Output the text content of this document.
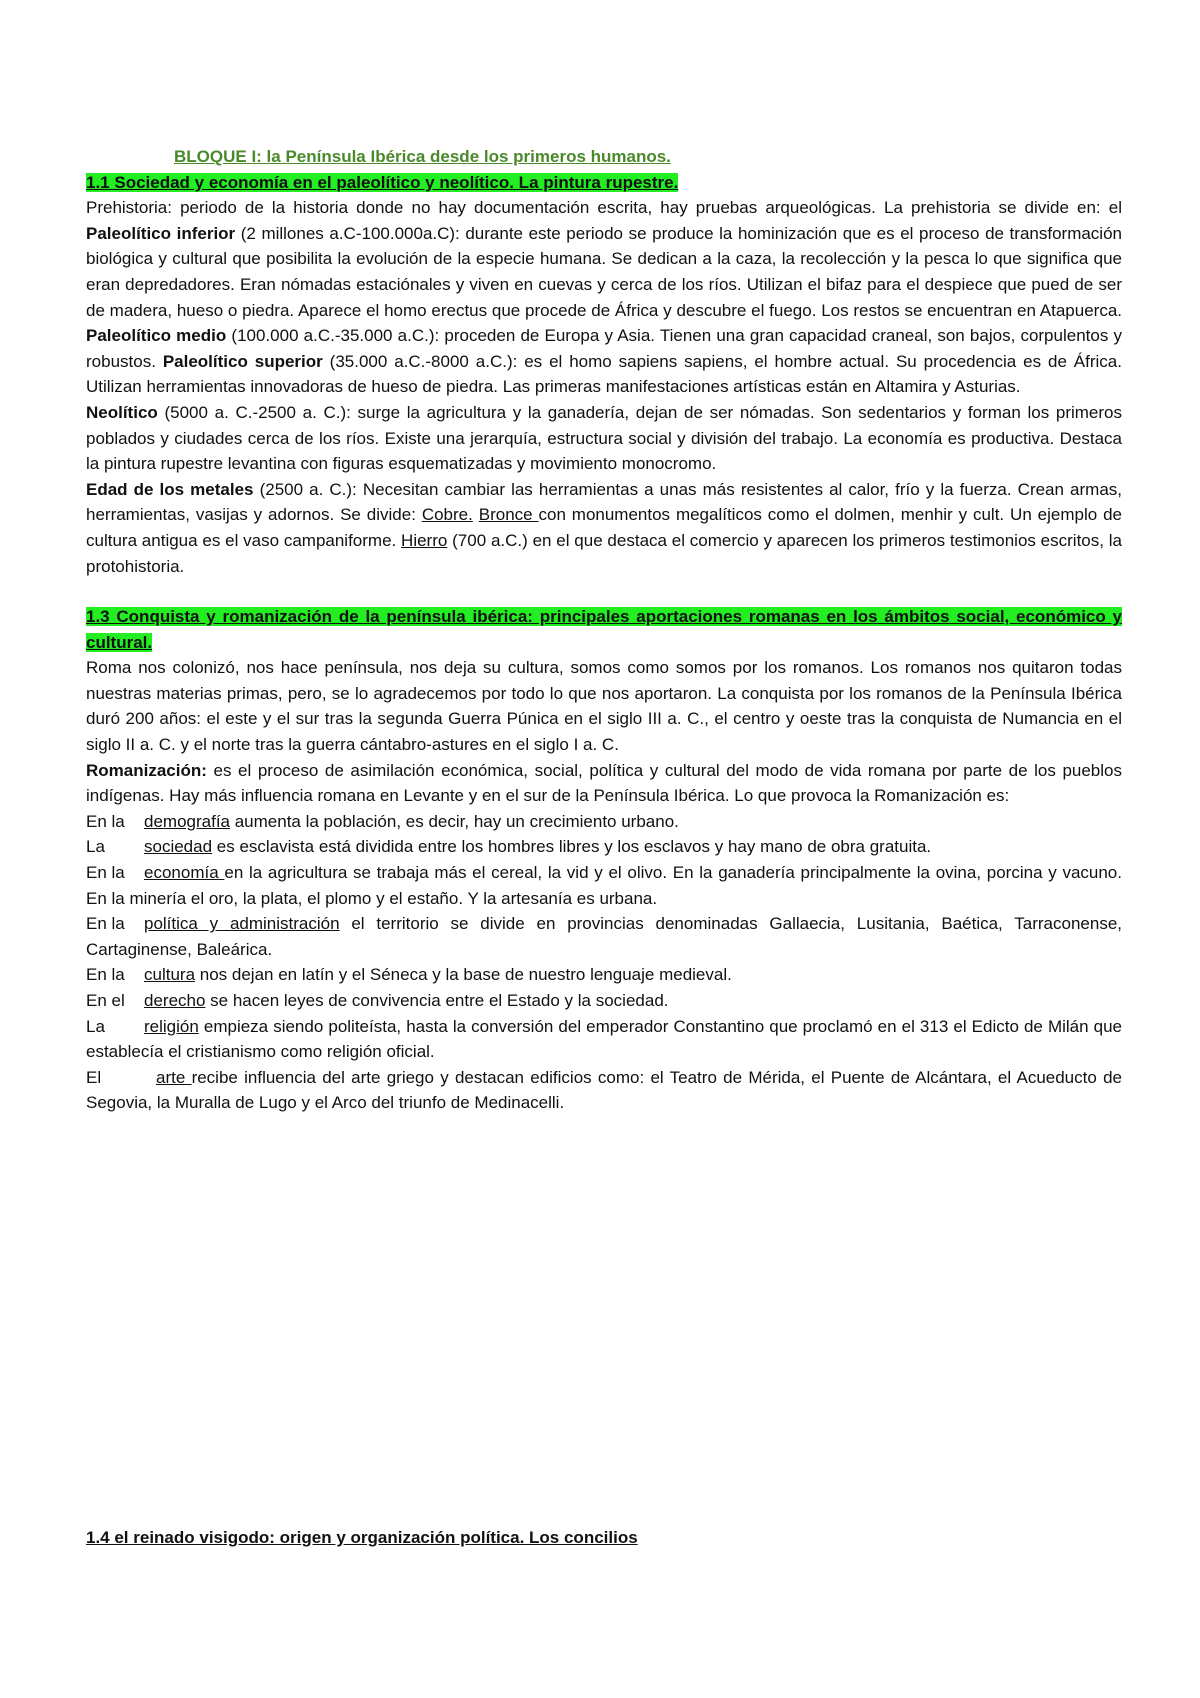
BLOQUE I: la Península Ibérica desde los primeros humanos.

1.1 Sociedad y economía en el paleolítico y neolítico. La pintura rupestre.

Prehistoria: periodo de la historia donde no hay documentación escrita, hay pruebas arqueológicas. La prehistoria se divide en: el Paleolítico inferior (2 millones a.C-100.000a.C): durante este periodo se produce la hominización que es el proceso de transformación biológica y cultural que posibilita la evolución de la especie humana. Se dedican a la caza, la recolección y la pesca lo que significa que eran depredadores. Eran nómadas estaciónales y viven en cuevas y cerca de los ríos. Utilizan el bifaz para el despiece que pued de ser de madera, hueso o piedra. Aparece el homo erectus que procede de África y descubre el fuego. Los restos se encuentran en Atapuerca. Paleolítico medio (100.000 a.C.-35.000 a.C.): proceden de Europa y Asia. Tienen una gran capacidad craneal, son bajos, corpulentos y robustos. Paleolítico superior (35.000 a.C.-8000 a.C.): es el homo sapiens sapiens, el hombre actual. Su procedencia es de África. Utilizan herramientas innovadoras de hueso de piedra. Las primeras manifestaciones artísticas están en Altamira y Asturias.

Neolítico (5000 a. C.-2500 a. C.): surge la agricultura y la ganadería, dejan de ser nómadas. Son sedentarios y forman los primeros poblados y ciudades cerca de los ríos. Existe una jerarquía, estructura social y división del trabajo. La economía es productiva. Destaca la pintura rupestre levantina con figuras esquematizadas y movimiento monocromo.

Edad de los metales (2500 a. C.): Necesitan cambiar las herramientas a unas más resistentes al calor, frío y la fuerza. Crean armas, herramientas, vasijas y adornos. Se divide: Cobre. Bronce con monumentos megalíticos como el dolmen, menhir y cult. Un ejemplo de cultura antigua es el vaso campaniforme. Hierro (700 a.C.) en el que destaca el comercio y aparecen los primeros testimonios escritos, la protohistoria.

1.3 Conquista y romanización de la península ibérica: principales aportaciones romanas en los ámbitos social, económico y cultural.

Roma nos colonizó, nos hace península, nos deja su cultura, somos como somos por los romanos. Los romanos nos quitaron todas nuestras materias primas, pero, se lo agradecemos por todo lo que nos aportaron. La conquista por los romanos de la Península Ibérica duró 200 años: el este y el sur tras la segunda Guerra Púnica en el siglo III a. C., el centro y oeste tras la conquista de Numancia en el siglo II a. C. y el norte tras la guerra cántabro-astures en el siglo I a. C.

Romanización: es el proceso de asimilación económica, social, política y cultural del modo de vida romana por parte de los pueblos indígenas. Hay más influencia romana en Levante y en el sur de la Península Ibérica. Lo que provoca la Romanización es:

En la demografía aumenta la población, es decir, hay un crecimiento urbano.

La sociedad es esclavista está dividida entre los hombres libres y los esclavos y hay mano de obra gratuita.

En la economía en la agricultura se trabaja más el cereal, la vid y el olivo. En la ganadería principalmente la ovina, porcina y vacuno. En la minería el oro, la plata, el plomo y el estaño. Y la artesanía es urbana.

En la política y administración el territorio se divide en provincias denominadas Gallaecia, Lusitania, Baética, Tarraconense, Cartaginense, Baleárica.

En la cultura nos dejan en latín y el Séneca y la base de nuestro lenguaje medieval.

En el derecho se hacen leyes de convivencia entre el Estado y la sociedad.

La religión empieza siendo politeísta, hasta la conversión del emperador Constantino que proclamó en el 313 el Edicto de Milán que establecía el cristianismo como religión oficial.

El	arte recibe influencia del arte griego y destacan edificios como: el Teatro de Mérida, el Puente de Alcántara, el Acueducto de Segovia, la Muralla de Lugo y el Arco del triunfo de Medinacelli.

1.4 el reinado visigodo: origen y organización política. Los concilios
